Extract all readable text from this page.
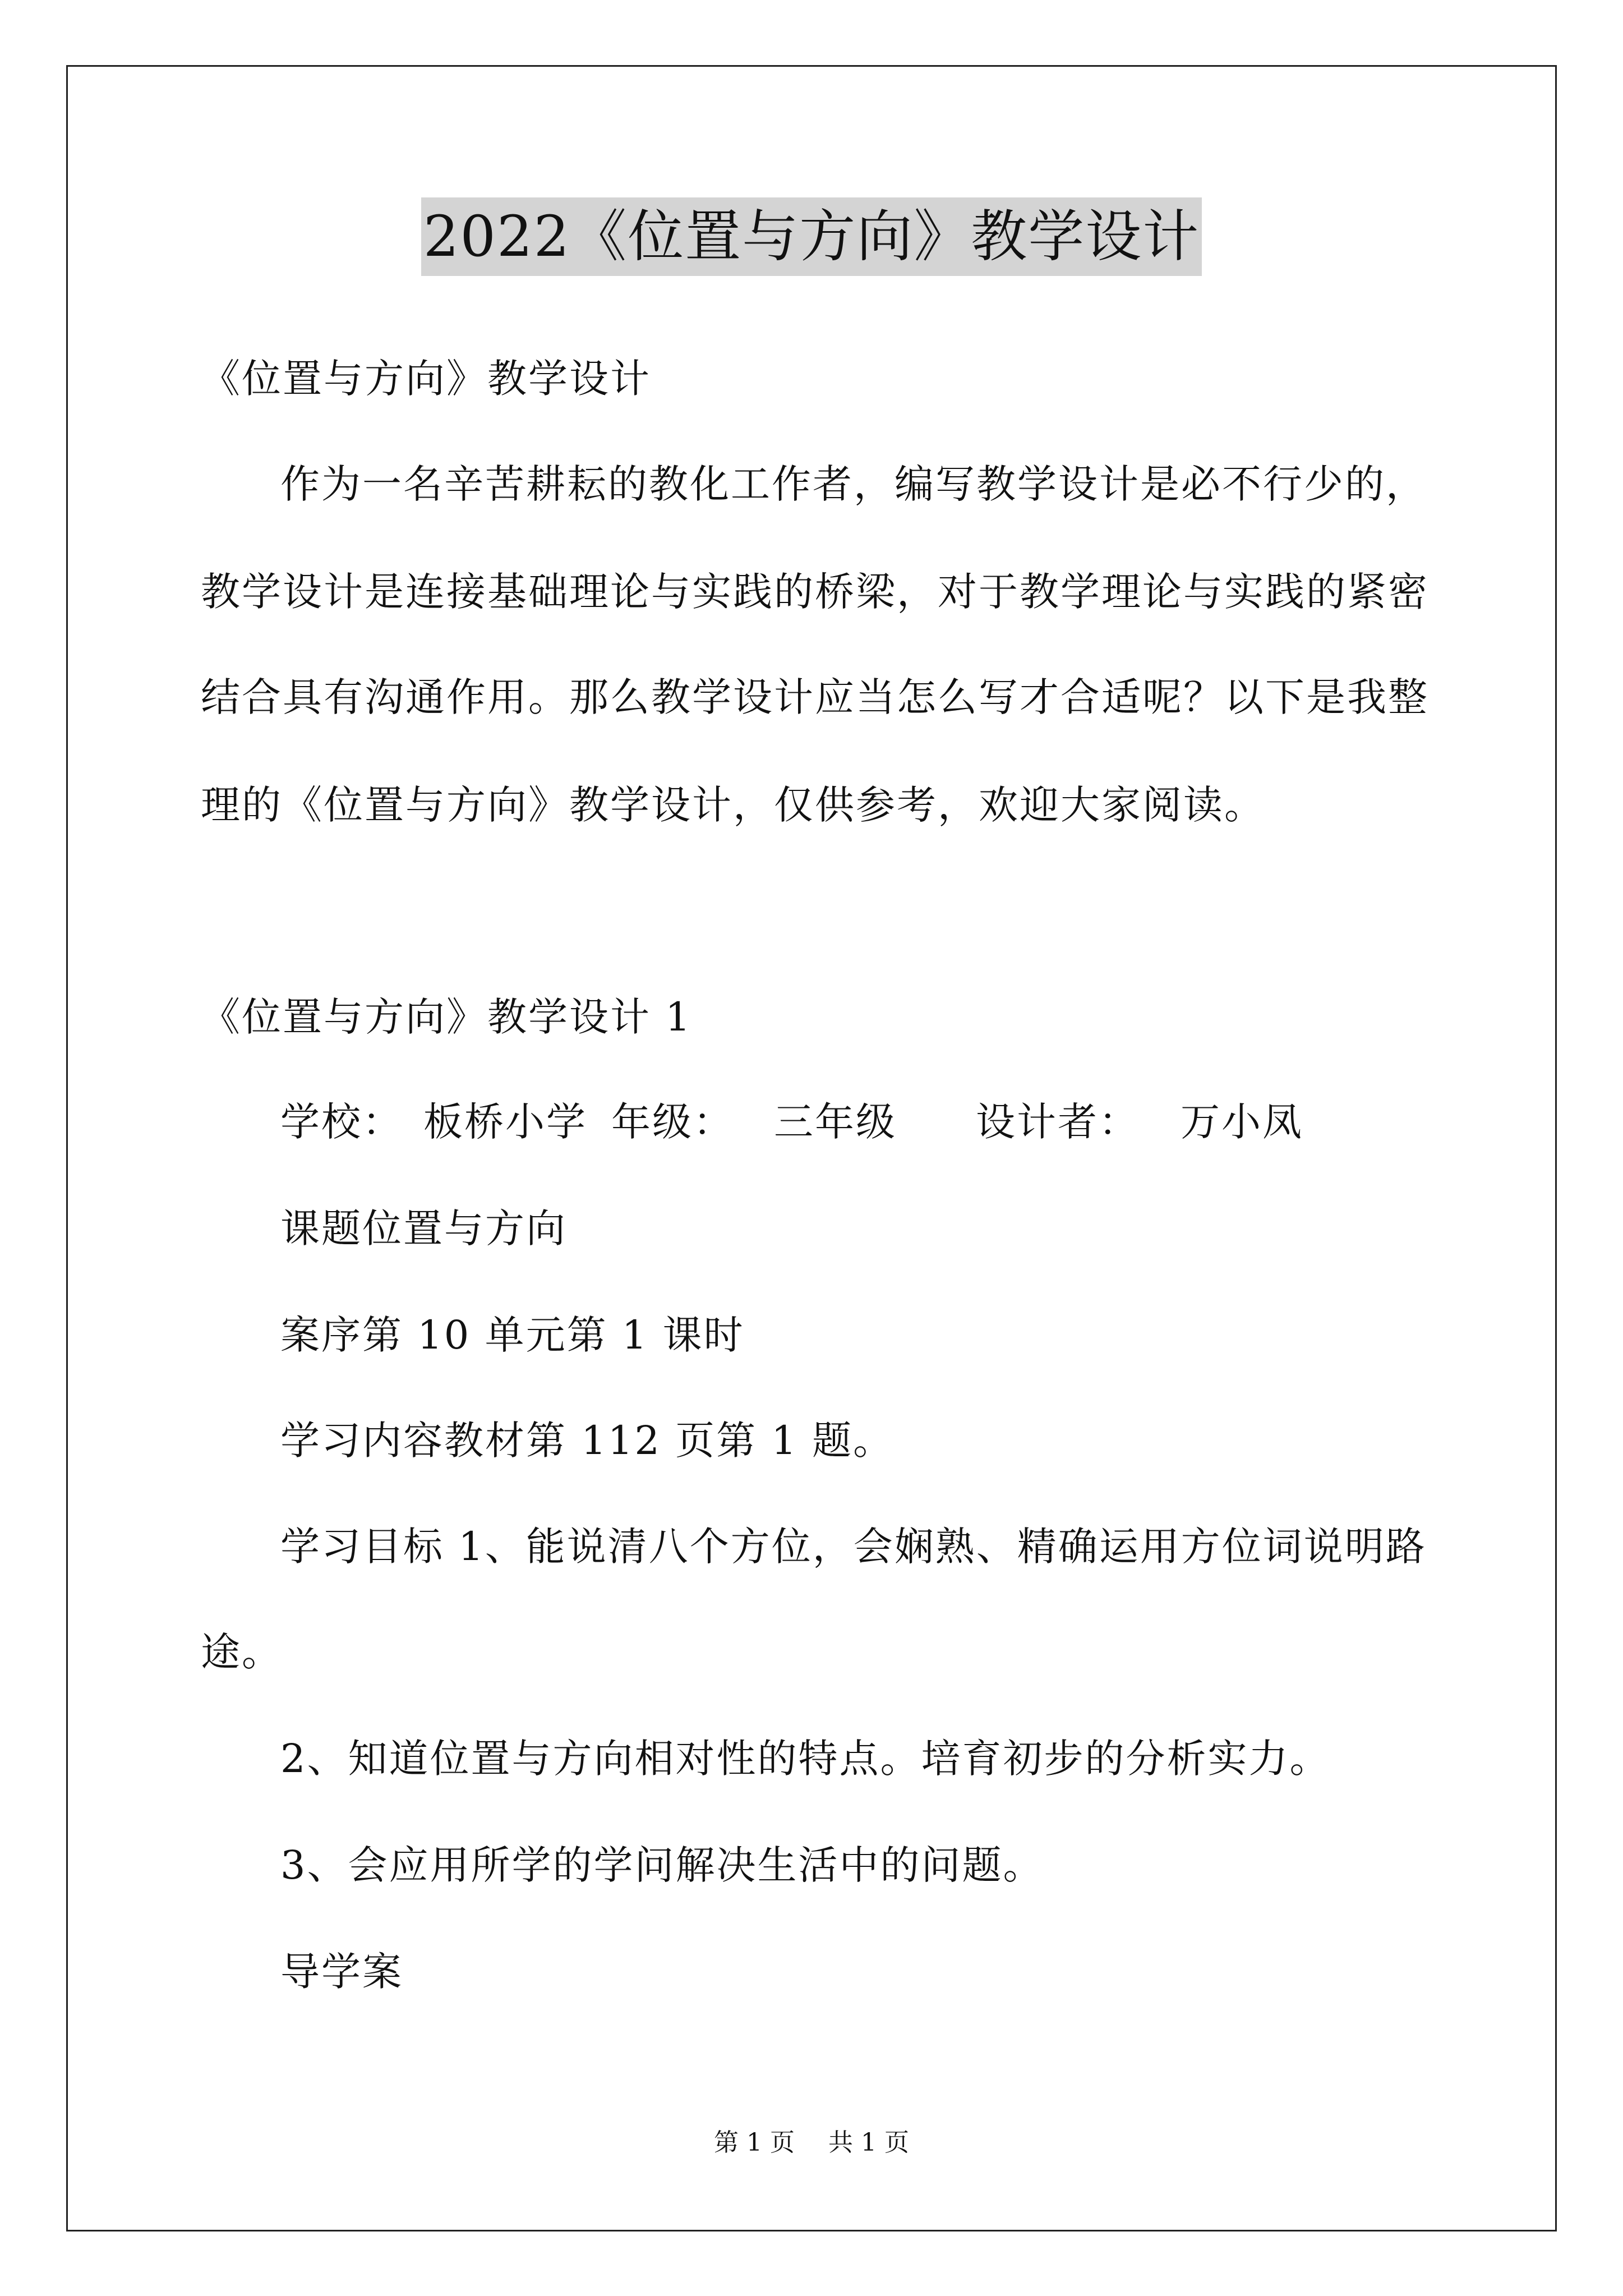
2022《位置与方向》教学设计
《位置与方向》教学设计
作为一名辛苦耕耘的教化工作者，编写教学设计是必不行少的，
教学设计是连接基础理论与实践的桥梁，对于教学理论与实践的紧密
结合具有沟通作用。那么教学设计应当怎么写才合适呢？以下是我整
理的《位置与方向》教学设计，仅供参考，欢迎大家阅读。
《位置与方向》教学设计 1
学校： 板桥小学 年级： 三年级 设计者： 万小凤
课题位置与方向
案序第 10 单元第 1 课时
学习内容教材第 112 页第 1 题。
学习目标 1、能说清八个方位，会娴熟、精确运用方位词说明路
途。
2、知道位置与方向相对性的特点。培育初步的分析实力。
3、会应用所学的学问解决生活中的问题。
导学案
第 1 页 共 1 页
